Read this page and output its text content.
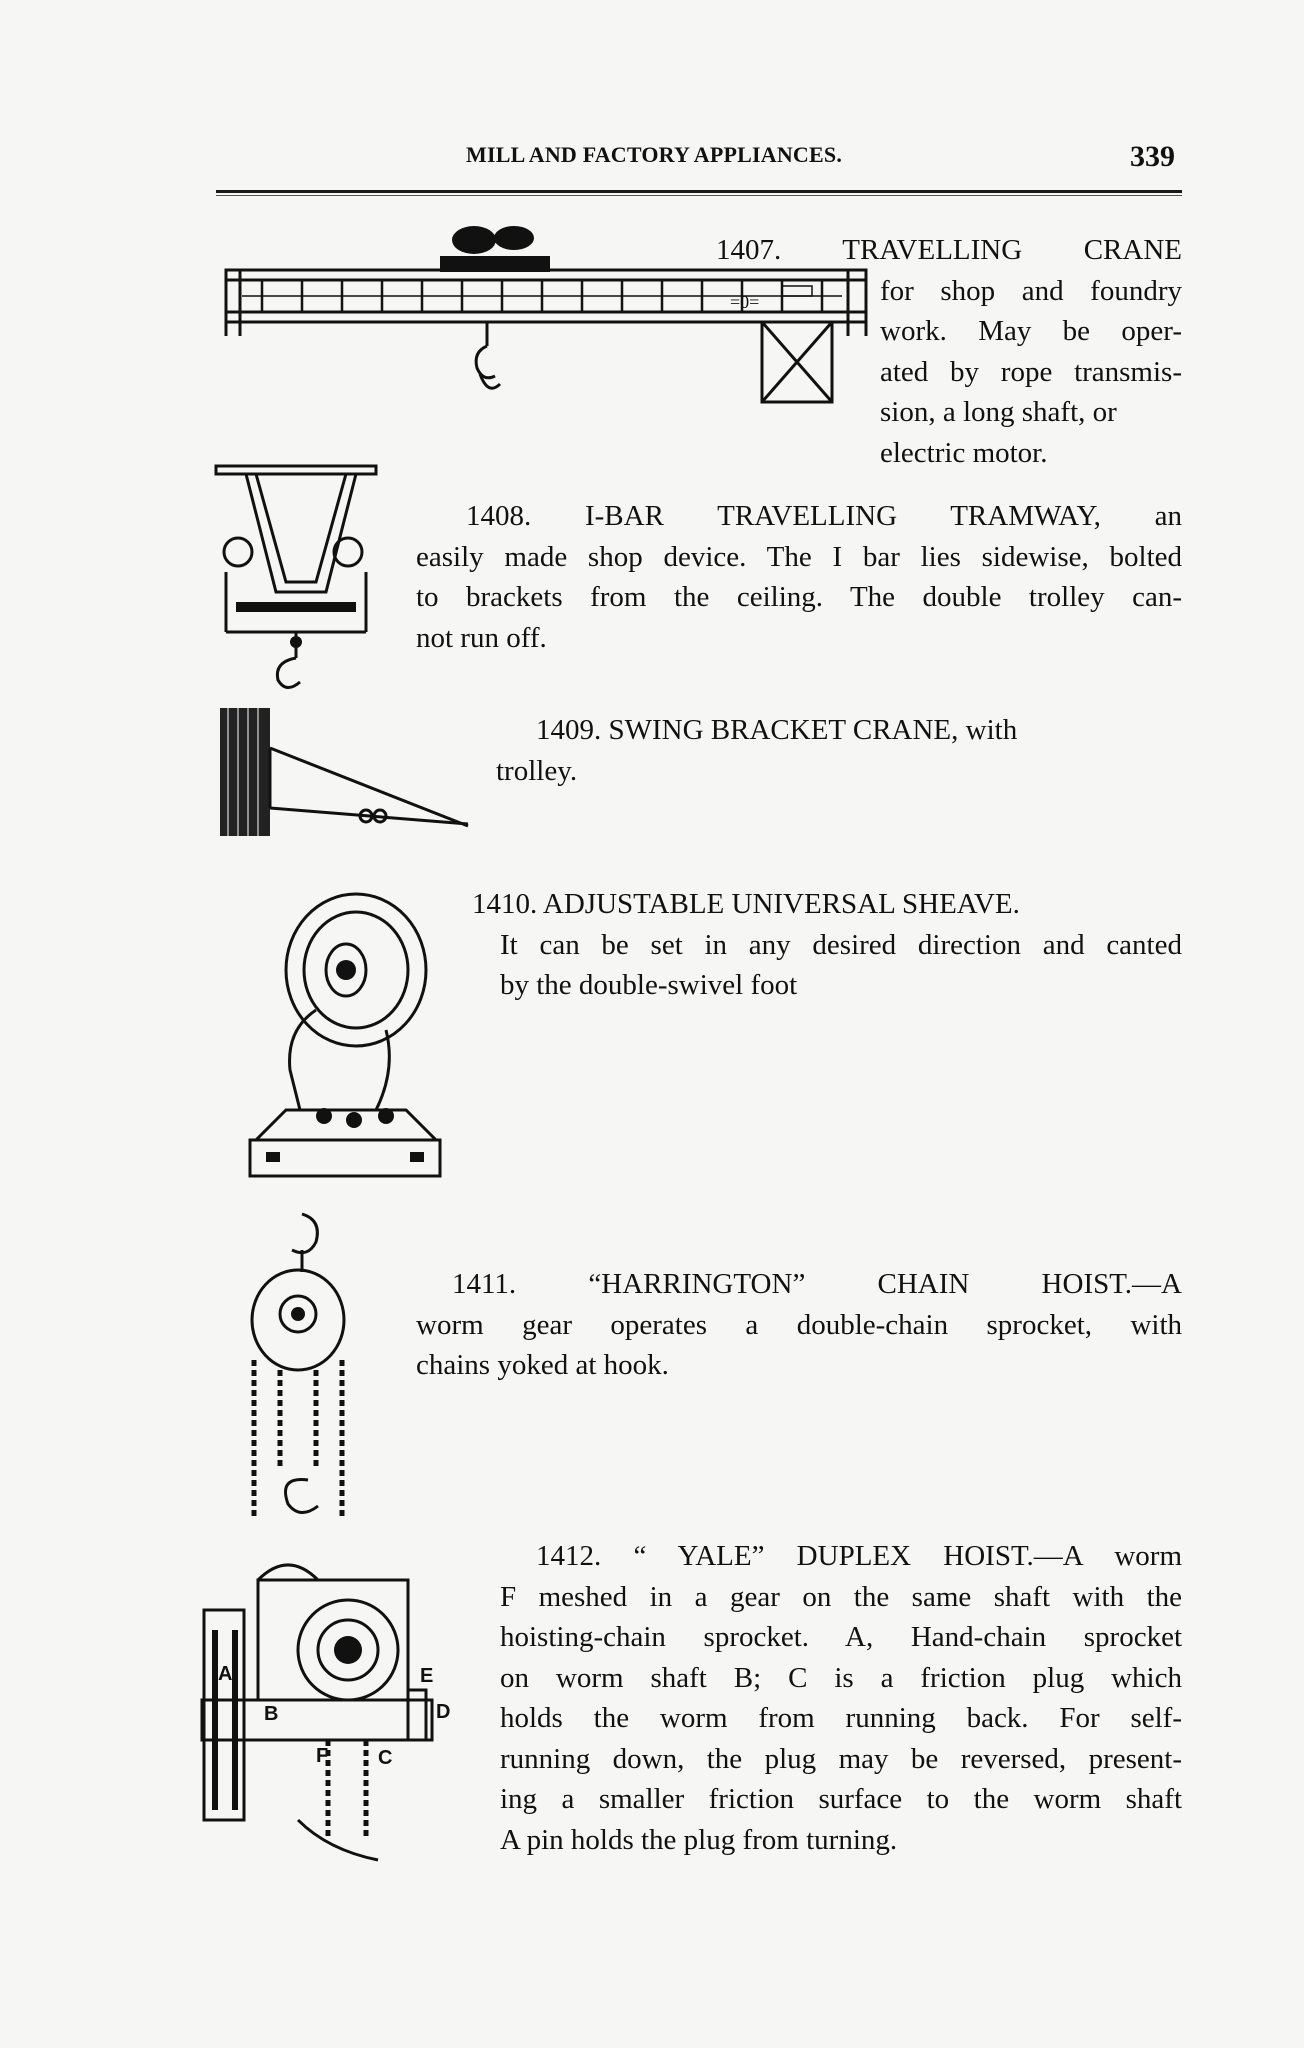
MILL AND FACTORY APPLIANCES.	339
=0=
1407. TRAVELLING CRANE
for shop and foundry
work. May be oper-
ated by rope transmis-
sion, a long shaft, or
electric motor.
1408. I-BAR TRAVELLING TRAMWAY, an
easily made shop device. The I bar lies sidewise, bolted
to brackets from the ceiling. The double trolley can-
not run off.
1409. SWING BRACKET CRANE, with
trolley.
1410. ADJUSTABLE UNIVERSAL SHEAVE.
It can be set in any desired direction and canted
by the double-swivel foot
1411. “HARRINGTON” CHAIN HOIST.—A
worm gear operates a double-chain sprocket, with
chains yoked at hook.
A
B
C
D
E
F
1412. “ YALE” DUPLEX HOIST.—A worm
F meshed in a gear on the same shaft with the
hoisting-chain sprocket. A, Hand-chain sprocket
on worm shaft B; C is a friction plug which
holds the worm from running back. For self-
running down, the plug may be reversed, present-
ing a smaller friction surface to the worm shaft
A pin holds the plug from turning.
